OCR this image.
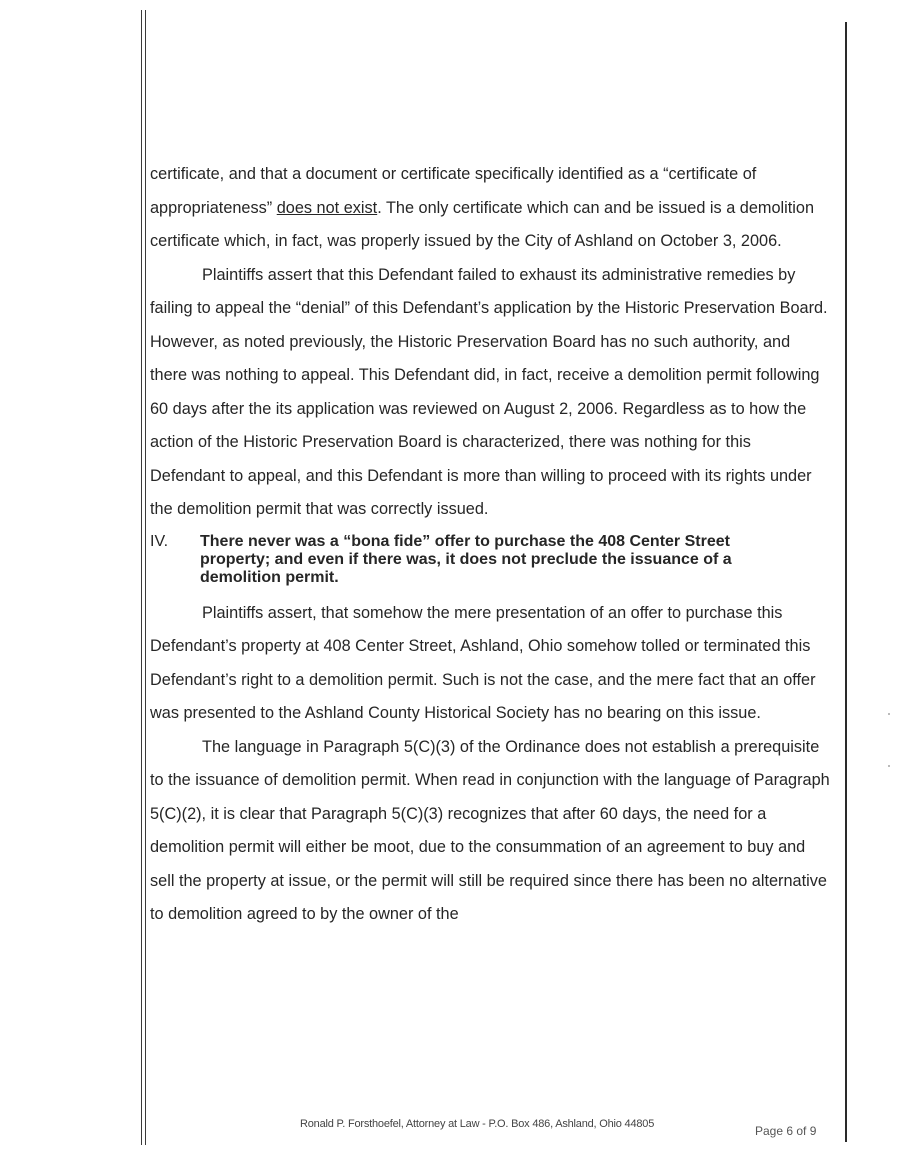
certificate, and that a document or certificate specifically identified as a “certificate of appropriateness” does not exist. The only certificate which can and be issued is a demolition certificate which, in fact, was properly issued by the City of Ashland on October 3, 2006.

Plaintiffs assert that this Defendant failed to exhaust its administrative remedies by failing to appeal the “denial” of this Defendant’s application by the Historic Preservation Board. However, as noted previously, the Historic Preservation Board has no such authority, and there was nothing to appeal. This Defendant did, in fact, receive a demolition permit following 60 days after the its application was reviewed on August 2, 2006. Regardless as to how the action of the Historic Preservation Board is characterized, there was nothing for this Defendant to appeal, and this Defendant is more than willing to proceed with its rights under the demolition permit that was correctly issued.

IV.	There never was a “bona fide” offer to purchase the 408 Center Street property; and even if there was, it does not preclude the issuance of a demolition permit.

Plaintiffs assert, that somehow the mere presentation of an offer to purchase this Defendant’s property at 408 Center Street, Ashland, Ohio somehow tolled or terminated this Defendant’s right to a demolition permit. Such is not the case, and the mere fact that an offer was presented to the Ashland County Historical Society has no bearing on this issue.

The language in Paragraph 5(C)(3) of the Ordinance does not establish a prerequisite to the issuance of demolition permit. When read in conjunction with the language of Paragraph 5(C)(2), it is clear that Paragraph 5(C)(3) recognizes that after 60 days, the need for a demolition permit will either be moot, due to the consummation of an agreement to buy and sell the property at issue, or the permit will still be required since there has been no alternative to demolition agreed to by the owner of the

Ronald P. Forsthoefel, Attorney at Law - P.O. Box 486, Ashland, Ohio 44805	Page 6 of 9
